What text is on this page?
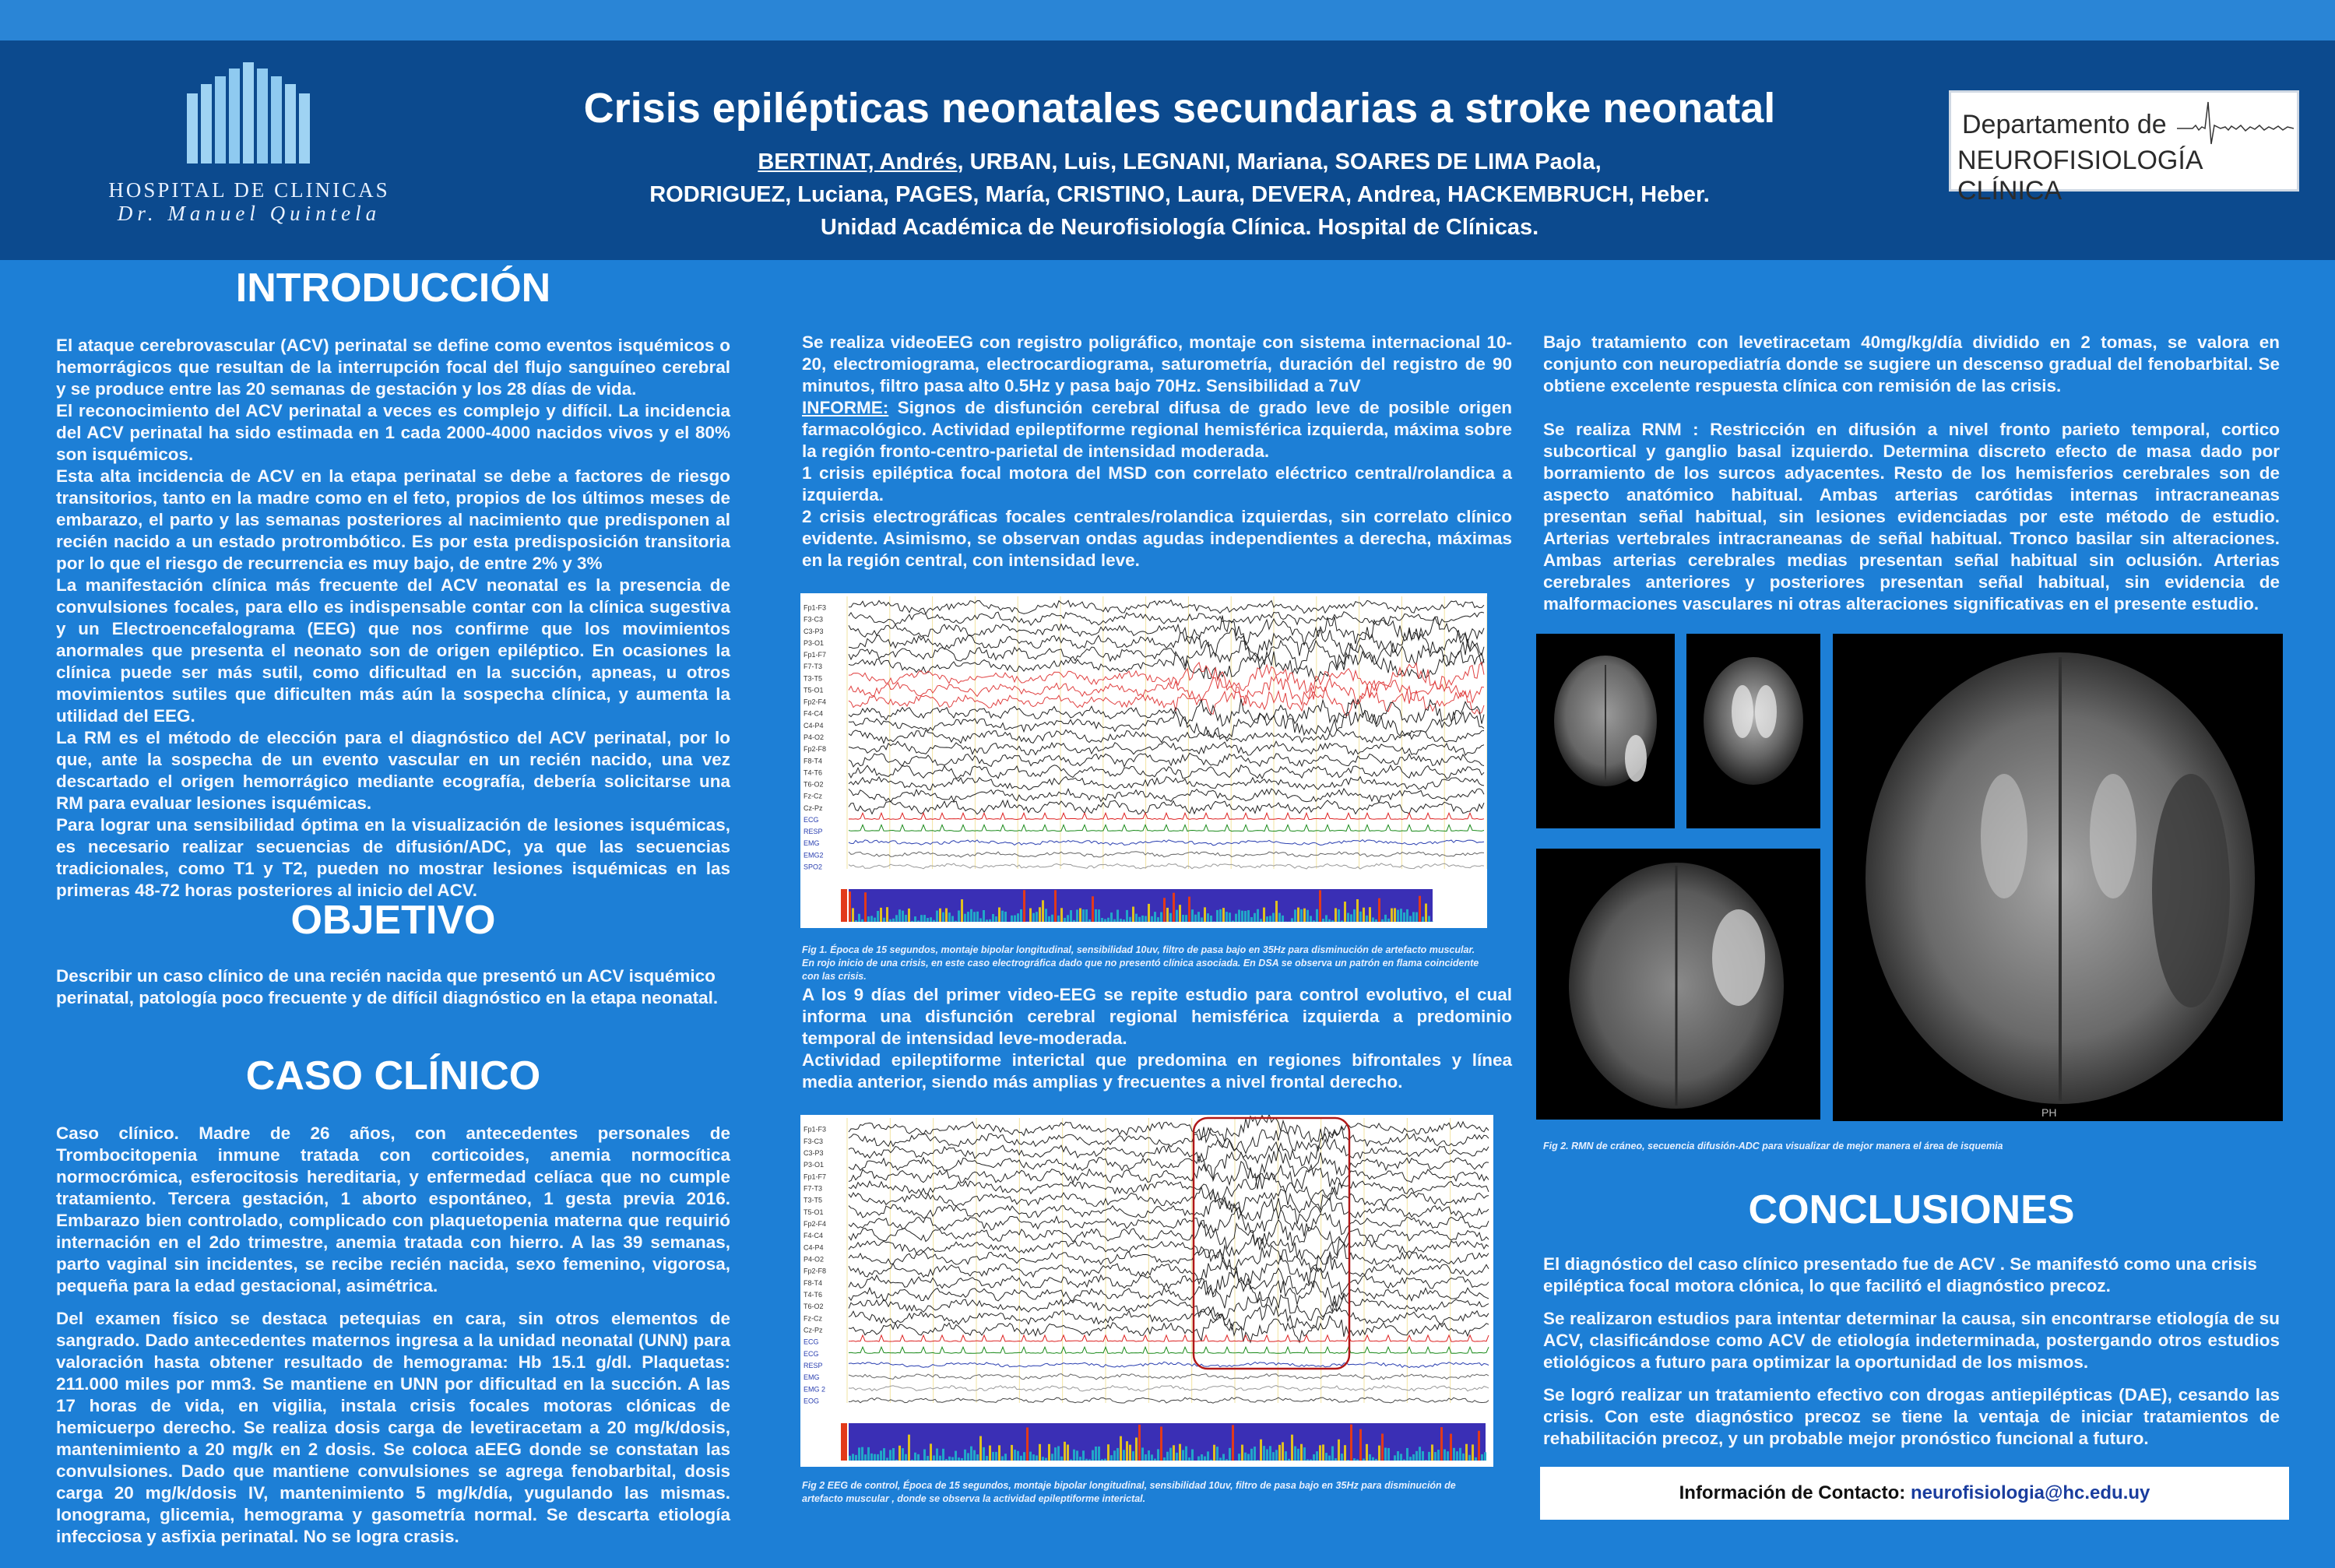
HOSPITAL DE CLINICAS
Dr. Manuel Quintela
Crisis epilépticas neonatales secundarias a stroke neonatal
BERTINAT, Andrés, URBAN, Luis, LEGNANI, Mariana, SOARES DE LIMA Paola,
RODRIGUEZ, Luciana, PAGES, María, CRISTINO, Laura, DEVERA, Andrea, HACKEMBRUCH, Heber.
Unidad Académica de Neurofisiología Clínica. Hospital de Clínicas.
Departamento de
NEUROFISIOLOGÍA CLÍNICA
INTRODUCCIÓN

El ataque cerebrovascular (ACV) perinatal se define como eventos isquémicos o hemorrágicos que resultan de la interrupción focal del flujo sanguíneo cerebral y se produce entre las 20 semanas de gestación y los 28 días de vida.

El reconocimiento del ACV perinatal a veces es complejo y difícil. La incidencia del ACV perinatal ha sido estimada en 1 cada 2000-4000 nacidos vivos y el 80% son isquémicos.

Esta alta incidencia de ACV en la etapa perinatal se debe a factores de riesgo transitorios, tanto en la madre como en el feto, propios de los últimos meses de embarazo, el parto y las semanas posteriores al nacimiento que predisponen al recién nacido a un estado protrombótico. Es por esta predisposición transitoria por lo que el riesgo de recurrencia es muy bajo, de entre 2% y 3%

La manifestación clínica más frecuente del ACV neonatal es la presencia de convulsiones focales, para ello es indispensable contar con la clínica sugestiva y un Electroencefalograma (EEG) que nos confirme que los movimientos anormales que presenta el neonato son de origen epiléptico. En ocasiones la clínica puede ser más sutil, como dificultad en la succión, apneas, u otros movimientos sutiles que dificulten más aún la sospecha clínica, y aumenta la utilidad del EEG.

La RM es el método de elección para el diagnóstico del ACV perinatal, por lo que, ante la sospecha de un evento vascular en un recién nacido, una vez descartado el origen hemorrágico mediante ecografía, debería solicitarse una RM para evaluar lesiones isquémicas.

Para lograr una sensibilidad óptima en la visualización de lesiones isquémicas, es necesario realizar secuencias de difusión/ADC, ya que las secuencias tradicionales, como T1 y T2, pueden no mostrar lesiones isquémicas en las primeras 48-72 horas posteriores al inicio del ACV.

OBJETIVO

Describir un caso clínico de una recién nacida que presentó un ACV isquémico perinatal, patología poco frecuente y de difícil diagnóstico en la etapa neonatal.

CASO CLÍNICO

Caso clínico. Madre de 26 años, con antecedentes personales de Trombocitopenia inmune tratada con corticoides, anemia normocítica normocrómica, esferocitosis hereditaria, y enfermedad celíaca que no cumple tratamiento. Tercera gestación, 1 aborto espontáneo, 1 gesta previa 2016. Embarazo bien controlado, complicado con plaquetopenia materna que requirió internación en el 2do trimestre, anemia tratada con hierro. A las 39 semanas, parto vaginal sin incidentes, se recibe recién nacida, sexo femenino, vigorosa, pequeña para la edad gestacional, asimétrica.

Del examen físico se destaca petequias en cara, sin otros elementos de sangrado. Dado antecedentes maternos ingresa a la unidad neonatal (UNN) para valoración hasta obtener resultado de hemograma: Hb 15.1 g/dl. Plaquetas: 211.000 miles por mm3. Se mantiene en UNN por dificultad en la succión. A las 17 horas de vida, en vigilia, instala crisis focales motoras clónicas de hemicuerpo derecho. Se realiza dosis carga de levetiracetam a 20 mg/k/dosis, mantenimiento a 20 mg/k en 2 dosis. Se coloca aEEG donde se constatan las convulsiones. Dado que mantiene convulsiones se agrega fenobarbital, dosis carga 20 mg/k/dosis IV, mantenimiento 5 mg/k/día, yugulando las mismas. Ionograma, glicemia, hemograma y gasometría normal. Se descarta etiología infecciosa y asfixia perinatal. No se logra crasis.

Se realiza videoEEG con registro poligráfico, montaje con sistema internacional 10-20, electromiograma, electrocardiograma, saturometría, duración del registro de 90 minutos, filtro pasa alto 0.5Hz y pasa bajo 70Hz. Sensibilidad a 7uV

INFORME: Signos de disfunción cerebral difusa de grado leve de posible origen farmacológico. Actividad epileptiforme regional hemisférica izquierda, máxima sobre la región fronto-centro-parietal de intensidad moderada.

1 crisis epiléptica focal motora del MSD con correlato eléctrico central/rolandica a izquierda.

2 crisis electrográficas focales centrales/rolandica izquierdas, sin correlato clínico evidente. Asimismo, se observan ondas agudas independientes a derecha, máximas en la región central, con intensidad leve.

Fp1-F3
F3-C3
C3-P3
P3-O1
Fp1-F7
F7-T3
T3-T5
T5-O1
Fp2-F4
F4-C4
C4-P4
P4-O2
Fp2-F8
F8-T4
T4-T6
T6-O2
Fz-Cz
Cz-Pz
ECG
RESP
EMG
EMG2
SPO2
Fig 1. Época de 15 segundos, montaje bipolar longitudinal, sensibilidad 10uv, filtro de pasa bajo en 35Hz para disminución de artefacto muscular. En rojo inicio de una crisis, en este caso electrográfica dado que no presentó clínica asociada. En DSA se observa un patrón en flama coincidente con las crisis.

A los 9 días del primer video-EEG se repite estudio para control evolutivo, el cual informa una disfunción cerebral regional hemisférica izquierda a predominio temporal de intensidad leve-moderada.

Actividad epileptiforme interictal que predomina en regiones bifrontales y línea media anterior, siendo más amplias y frecuentes a nivel frontal derecho.

Fp1-F3
F3-C3
C3-P3
P3-O1
Fp1-F7
F7-T3
T3-T5
T5-O1
Fp2-F4
F4-C4
C4-P4
P4-O2
Fp2-F8
F8-T4
T4-T6
T6-O2
Fz-Cz
Cz-Pz
ECG
ECG
RESP
EMG
EMG 2
EOG
Fig 2 EEG de control, Época de 15 segundos, montaje bipolar longitudinal, sensibilidad 10uv, filtro de pasa bajo en 35Hz para disminución de artefacto muscular , donde se observa la actividad epileptiforme interictal.

Bajo tratamiento con levetiracetam 40mg/kg/día dividido en 2 tomas, se valora en conjunto con neuropediatría donde se sugiere un descenso gradual del fenobarbital. Se obtiene excelente respuesta clínica con remisión de las crisis.

Se realiza RNM : Restricción en difusión a nivel fronto parieto temporal, cortico subcortical y ganglio basal izquierdo. Determina discreto efecto de masa dado por borramiento de los surcos adyacentes. Resto de los hemisferios cerebrales son de aspecto anatómico habitual. Ambas arterias carótidas internas intracraneanas presentan señal habitual, sin lesiones evidenciadas por este método de estudio. Arterias vertebrales intracraneanas de señal habitual. Tronco basilar sin alteraciones. Ambas arterias cerebrales medias presentan señal habitual sin oclusión. Arterias cerebrales anteriores y posteriores presentan señal habitual, sin evidencia de malformaciones vasculares ni otras alteraciones significativas en el presente estudio.

PH
Fig 2. RMN de cráneo, secuencia difusión-ADC para visualizar de mejor manera el área de isquemia
CONCLUSIONES

El diagnóstico del caso clínico presentado fue de ACV . Se manifestó como una crisis epiléptica focal motora clónica, lo que facilitó el diagnóstico precoz.

Se realizaron estudios para intentar determinar la causa, sin encontrarse etiología de su ACV, clasificándose como ACV de etiología indeterminada, postergando otros estudios etiológicos a futuro para optimizar la oportunidad de los mismos.

Se logró realizar un tratamiento efectivo con drogas antiepilépticas (DAE), cesando las crisis. Con este diagnóstico precoz se tiene la ventaja de iniciar tratamientos de rehabilitación precoz, y un probable mejor pronóstico funcional a futuro.

Información de Contacto: neurofisiologia@hc.edu.uy
